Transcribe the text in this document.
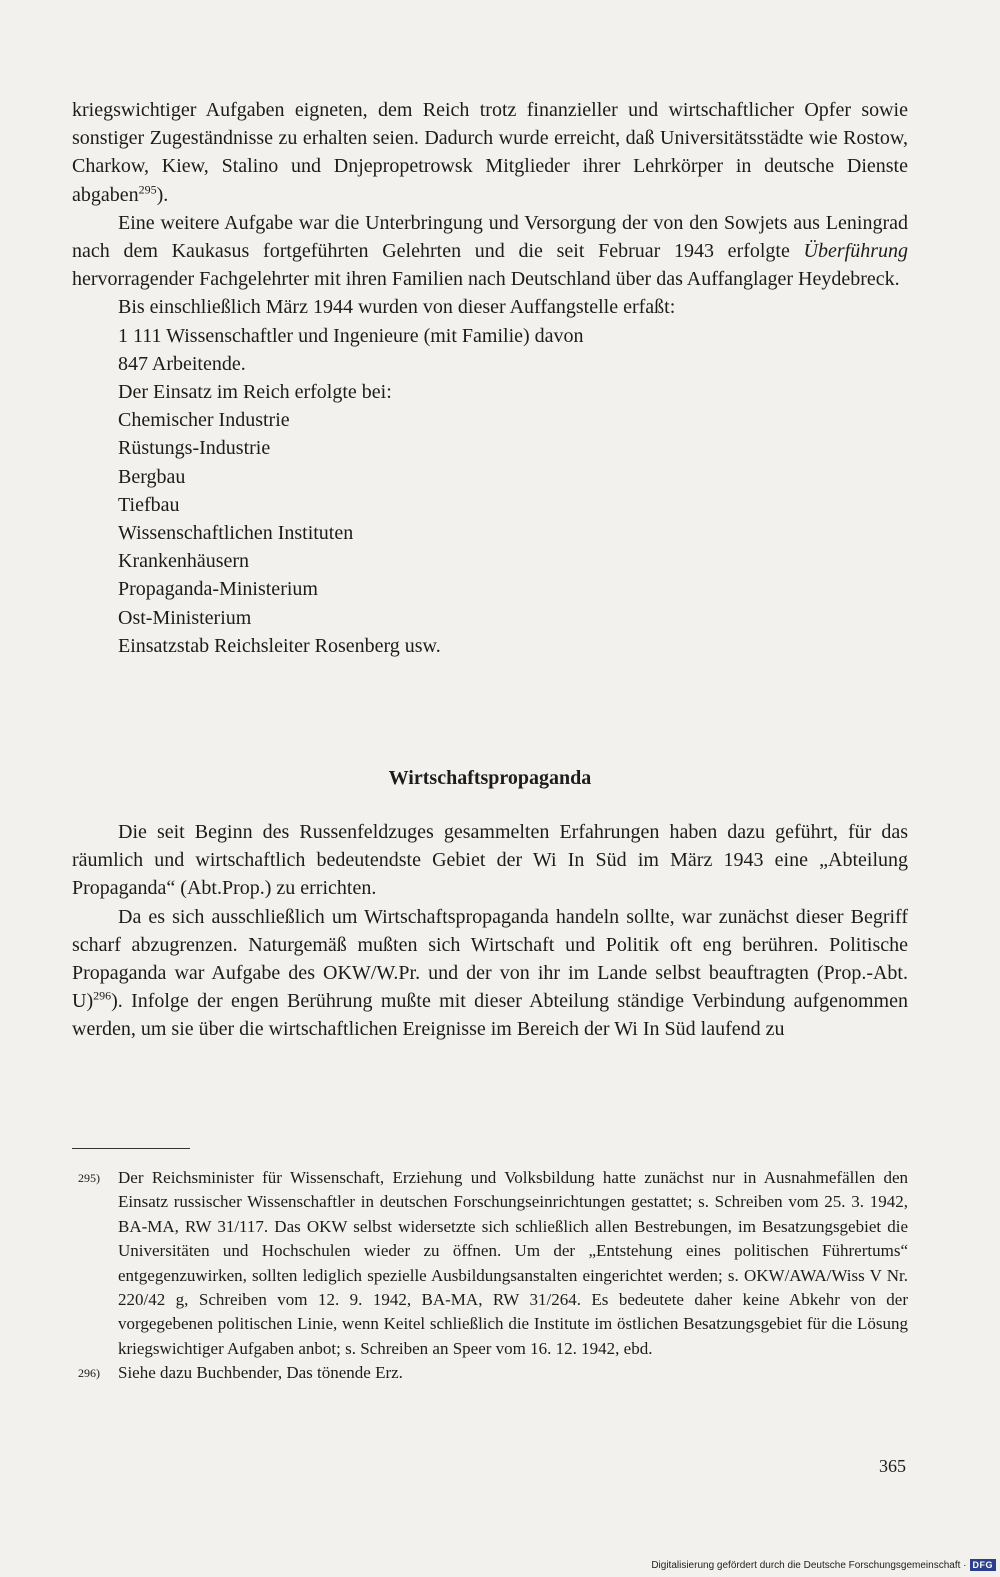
kriegswichtiger Aufgaben eigneten, dem Reich trotz finanzieller und wirtschaftlicher Opfer sowie sonstiger Zugeständnisse zu erhalten seien. Dadurch wurde erreicht, daß Universitätsstädte wie Rostow, Charkow, Kiew, Stalino und Dnjepropetrowsk Mitglieder ihrer Lehrkörper in deutsche Dienste abgaben$^{295}$).

Eine weitere Aufgabe war die Unterbringung und Versorgung der von den Sowjets aus Leningrad nach dem Kaukasus fortgeführten Gelehrten und die seit Februar 1943 erfolgte Überführung hervorragender Fachgelehrter mit ihren Familien nach Deutschland über das Auffanglager Heydebreck.

Bis einschließlich März 1944 wurden von dieser Auffangstelle erfaßt:
1 111 Wissenschaftler und Ingenieure (mit Familie) davon
847 Arbeitende.
Der Einsatz im Reich erfolgte bei:
Chemischer Industrie
Rüstungs-Industrie
Bergbau
Tiefbau
Wissenschaftlichen Instituten
Krankenhäusern
Propaganda-Ministerium
Ost-Ministerium
Einsatzstab Reichsleiter Rosenberg usw.
Wirtschaftspropaganda

Die seit Beginn des Russenfeldzuges gesammelten Erfahrungen haben dazu geführt, für das räumlich und wirtschaftlich bedeutendste Gebiet der Wi In Süd im März 1943 eine „Abteilung Propaganda“ (Abt.Prop.) zu errichten.

Da es sich ausschließlich um Wirtschaftspropaganda handeln sollte, war zunächst dieser Begriff scharf abzugrenzen. Naturgemäß mußten sich Wirtschaft und Politik oft eng berühren. Politische Propaganda war Aufgabe des OKW/W.Pr. und der von ihr im Lande selbst beauftragten (Prop.-Abt. U)$^{296}$). Infolge der engen Berührung mußte mit dieser Abteilung ständige Verbindung aufgenommen werden, um sie über die wirtschaftlichen Ereignisse im Bereich der Wi In Süd laufend zu

295) Der Reichsminister für Wissenschaft, Erziehung und Volksbildung hatte zunächst nur in Ausnahmefällen den Einsatz russischer Wissenschaftler in deutschen Forschungseinrichtungen gestattet; s. Schreiben vom 25. 3. 1942, BA-MA, RW 31/117. Das OKW selbst widersetzte sich schließlich allen Bestrebungen, im Besatzungsgebiet die Universitäten und Hochschulen wieder zu öffnen. Um der „Entstehung eines politischen Führertums“ entgegenzuwirken, sollten lediglich spezielle Ausbildungsanstalten eingerichtet werden; s. OKW/AWA/Wiss V Nr. 220/42 g, Schreiben vom 12. 9. 1942, BA-MA, RW 31/264. Es bedeutete daher keine Abkehr von der vorgegebenen politischen Linie, wenn Keitel schließlich die Institute im östlichen Besatzungsgebiet für die Lösung kriegswichtiger Aufgaben anbot; s. Schreiben an Speer vom 16. 12. 1942, ebd.
296) Siehe dazu Buchbender, Das tönende Erz.
365
Digitalisierung gefördert durch die Deutsche Forschungsgemeinschaft · DFG
